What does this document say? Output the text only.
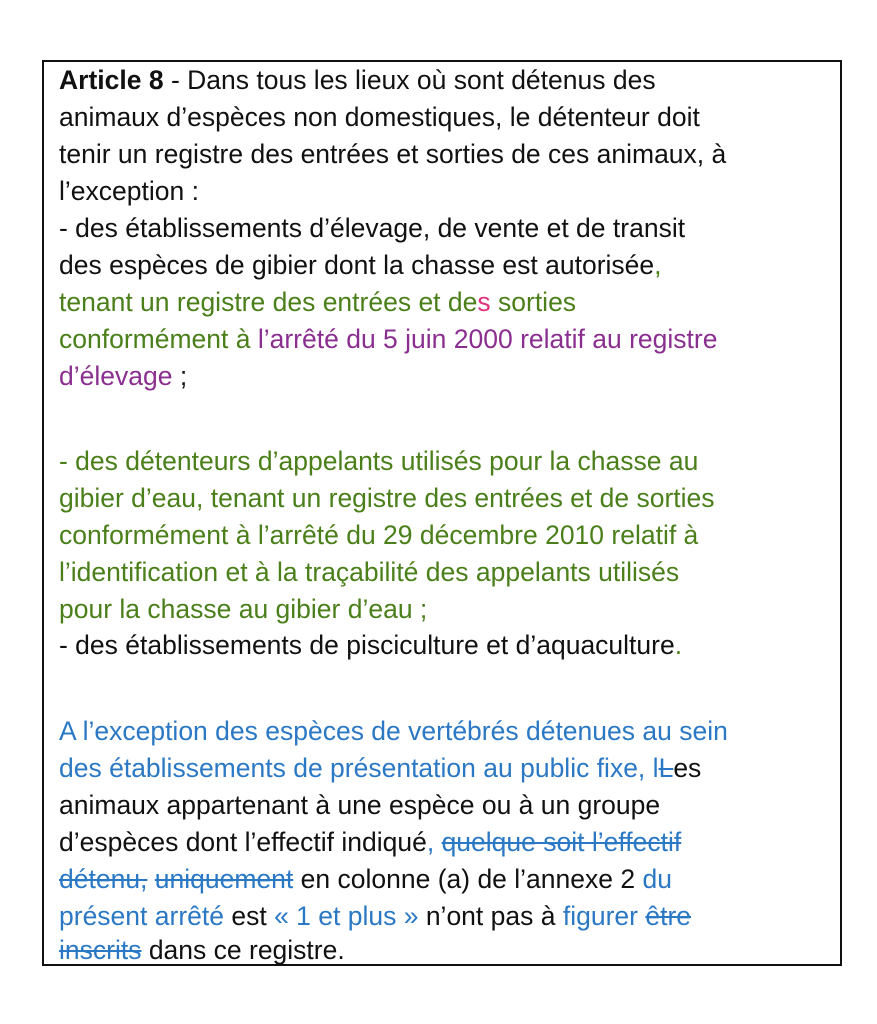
Article 8 - Dans tous les lieux où sont détenus des
animaux d’espèces non domestiques, le détenteur doit
tenir un registre des entrées et sorties de ces animaux, à
l’exception :
- des établissements d’élevage, de vente et de transit
des espèces de gibier dont la chasse est autorisée,
tenant un registre des entrées et des sorties
conformément à l’arrêté du 5 juin 2000 relatif au registre
d’élevage ;
- des détenteurs d’appelants utilisés pour la chasse au
gibier d’eau, tenant un registre des entrées et de sorties
conformément à l’arrêté du 29 décembre 2010 relatif à
l’identification et à la traçabilité des appelants utilisés
pour la chasse au gibier d’eau ;
- des établissements de pisciculture et d’aquaculture.
A l’exception des espèces de vertébrés détenues au sein
des établissements de présentation au public fixe, lLes
animaux appartenant à une espèce ou à un groupe
d’espèces dont l’effectif indiqué, quelque soit l’effectif
détenu, uniquement en colonne (a) de l’annexe 2 du
présent arrêté est « 1 et plus » n’ont pas à figurer être
inscrits dans ce registre.
